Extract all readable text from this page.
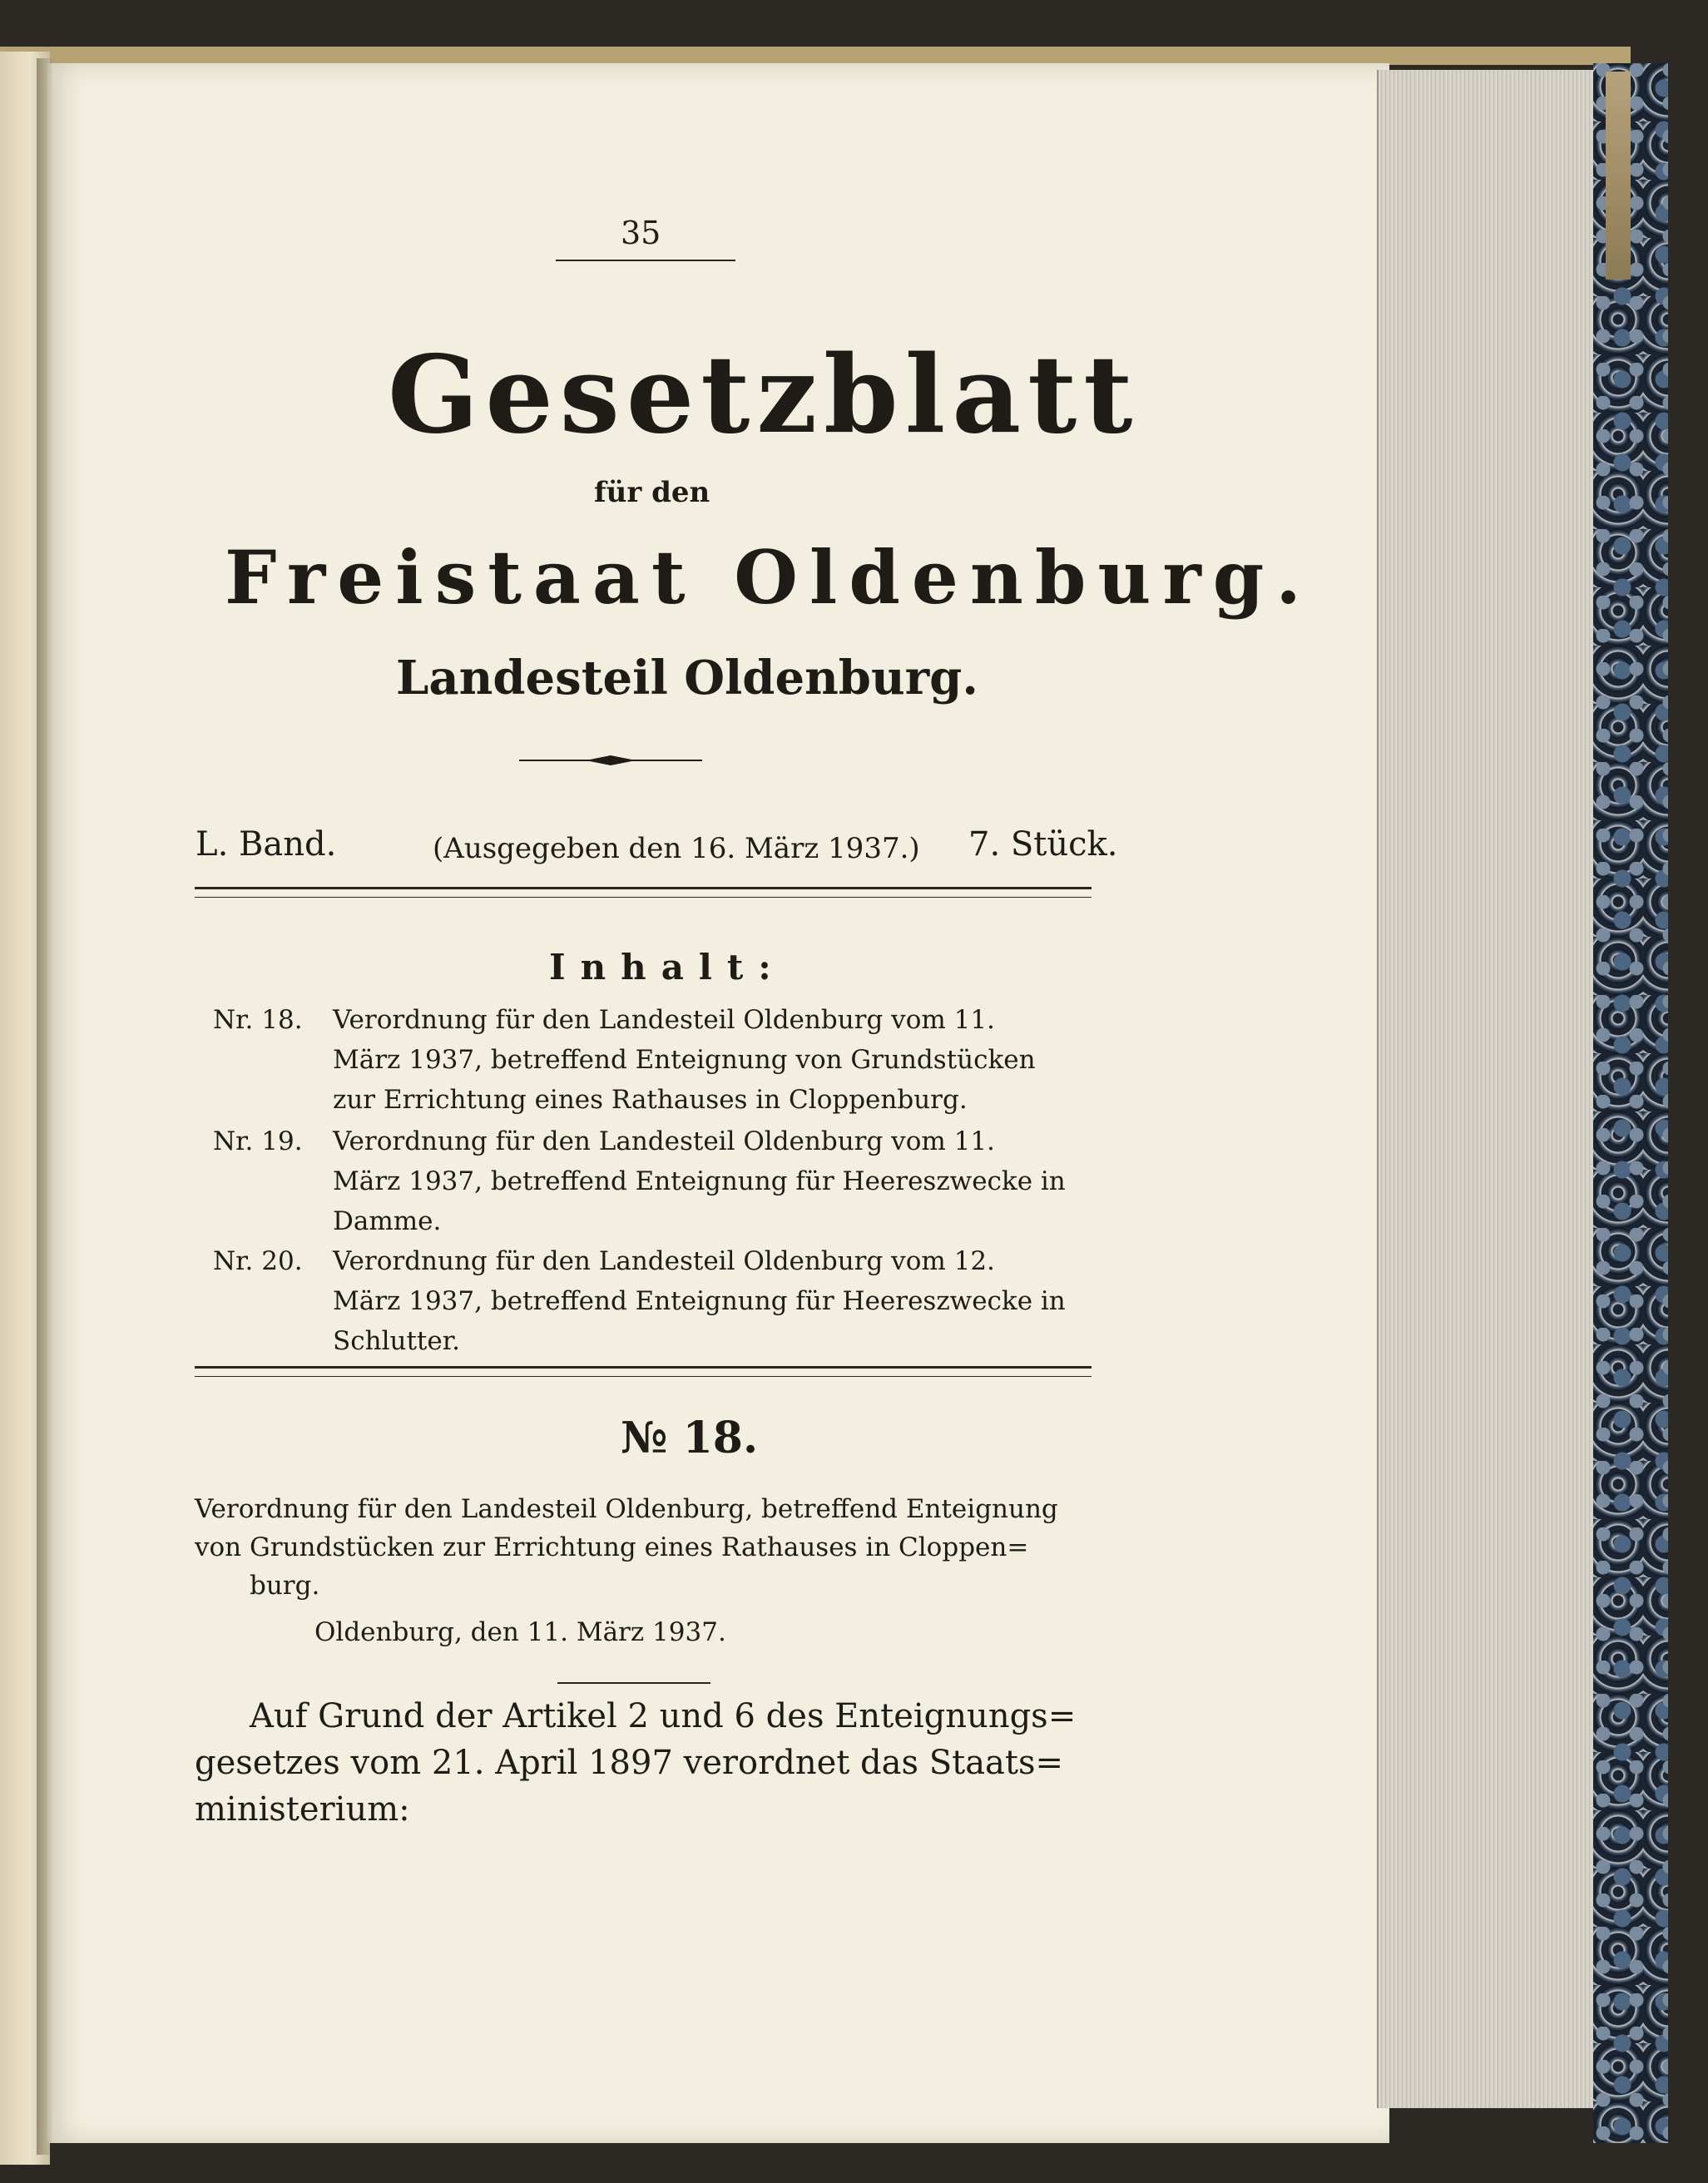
35
Gesetzblatt
für den
Freistaat Oldenburg.
Landesteil Oldenburg.
L. Band.	(Ausgegeben den 16. März 1937.) 7. Stück.
Inhalt:
Nr. 18. Verordnung für den Landesteil Oldenburg vom 11.
März 1937, betreffend Enteignung von Grundstücken
zur Errichtung eines Rathauses in Cloppenburg.
Nr. 19. Verordnung für den Landesteil Oldenburg vom 11.
März 1937, betreffend Enteignung für Heereszwecke in
Damme.
Nr. 20. Verordnung für den Landesteil Oldenburg vom 12.
März 1937, betreffend Enteignung für Heereszwecke in
Schlutter.
№ 18.
Verordnung für den Landesteil Oldenburg, betreffend Enteignung
von Grundstücken zur Errichtung eines Rathauses in Cloppen=
burg.
Oldenburg, den 11. März 1937.
Auf Grund der Artikel 2 und 6 des Enteignungs=
gesetzes vom 21. April 1897 verordnet das Staats=
ministerium:
